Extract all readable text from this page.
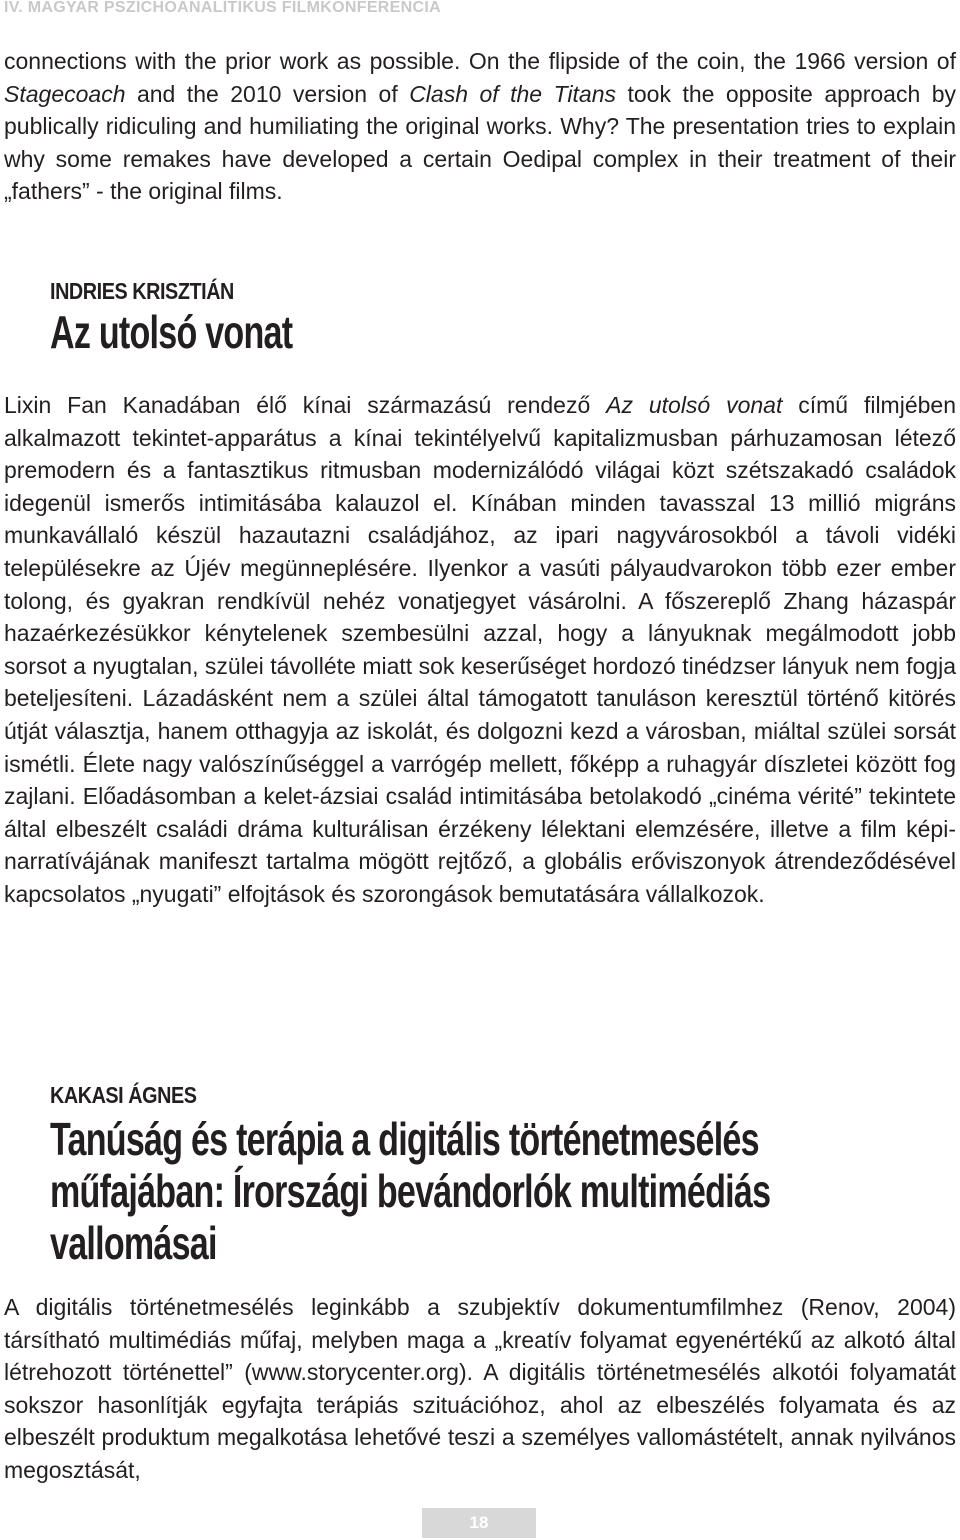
IV. MAGYAR PSZICHOANALITIKUS FILMKONFERENCIA

connections with the prior work as possible. On the flipside of the coin, the 1966 version of Stagecoach and the 2010 version of Clash of the Titans took the opposite approach by publically ridiculing and humiliating the original works. Why? The presentation tries to explain why some remakes have developed a certain Oedipal complex in their treatment of their „fathers” - the original films.

INDRIES KRISZTIÁN
Az utolsó vonat

Lixin Fan Kanadában élő kínai származású rendező Az utolsó vonat című filmjében alkalmazott tekintet-apparátus a kínai tekintélyelvű kapitalizmusban párhuzamosan létező premodern és a fantasztikus ritmusban modernizálódó világai közt szétszakadó családok idegenül ismerős intimitásába kalauzol el. Kínában minden tavasszal 13 millió migráns munkavállaló készül hazautazni családjához, az ipari nagyvárosokból a távoli vidéki településekre az Újév megünneplésére. Ilyenkor a vasúti pályaudvarokon több ezer ember tolong, és gyakran rendkívül nehéz vonatjegyet vásárolni. A főszereplő Zhang házaspár hazaérkezésükkor kénytelenek szembesülni azzal, hogy a lányuknak megálmodott jobb sorsot a nyugtalan, szülei távolléte miatt sok keserűséget hordozó tinédzser lányuk nem fogja beteljesíteni. Lázadásként nem a szülei által támogatott tanuláson keresztül történő kitörés útját választja, hanem otthagyja az iskolát, és dolgozni kezd a városban, miáltal szülei sorsát ismétli. Élete nagy valószínűséggel a varrógép mellett, főképp a ruhagyár díszletei között fog zajlani. Előadásomban a kelet-ázsiai család intimitásába betolakodó „cinéma vérité” tekintete által elbeszélt családi dráma kulturálisan érzékeny lélektani elemzésére, illetve a film képi- narratívájának manifeszt tartalma mögött rejtőző, a globális erőviszonyok átrendeződésével kapcsolatos „nyugati” elfojtások és szorongások bemutatására vállalkozok.

KAKASI ÁGNES
Tanúság és terápia a digitális történetmesélés
műfajában: Írországi bevándorlók multimédiás
vallomásai

A digitális történetmesélés leginkább a szubjektív dokumentumfilmhez (Renov, 2004) társítható multimédiás műfaj, melyben maga a „kreatív folyamat egyenértékű az alkotó által létrehozott történettel” (www.storycenter.org). A digitális történetmesélés alkotói folyamatát sokszor hasonlítják egyfajta terápiás szituációhoz, ahol az elbeszélés folyamata és az elbeszélt produktum megalkotása lehetővé teszi a személyes vallomástételt, annak nyilvános megosztását,

18
